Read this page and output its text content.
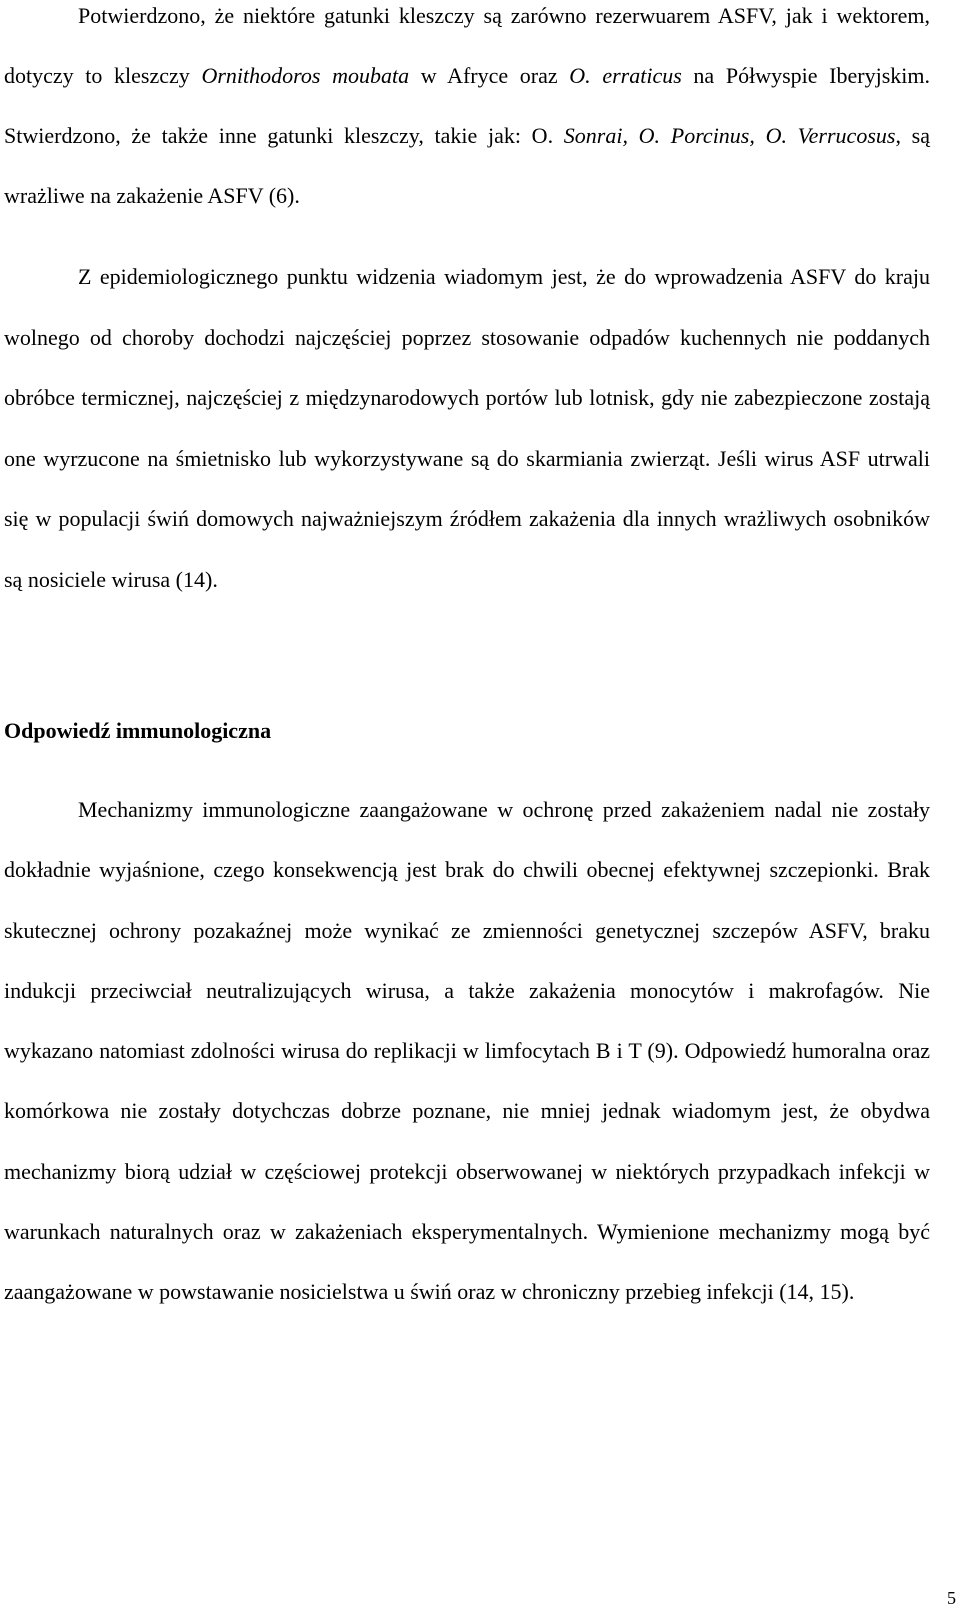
Potwierdzono, że niektóre gatunki kleszczy są zarówno rezerwuarem ASFV, jak i wektorem, dotyczy to kleszczy Ornithodoros moubata w Afryce oraz O. erraticus na Półwyspie Iberyjskim. Stwierdzono, że także inne gatunki kleszczy, takie jak: O. Sonrai, O. Porcinus, O. Verrucosus, są wrażliwe na zakażenie ASFV (6).

Z epidemiologicznego punktu widzenia wiadomym jest, że do wprowadzenia ASFV do kraju wolnego od choroby dochodzi najczęściej poprzez stosowanie odpadów kuchennych nie poddanych obróbce termicznej, najczęściej z międzynarodowych portów lub lotnisk, gdy nie zabezpieczone zostają one wyrzucone na śmietnisko lub wykorzystywane są do skarmiania zwierząt. Jeśli wirus ASF utrwali się w populacji świń domowych najważniejszym źródłem zakażenia dla innych wrażliwych osobników są nosiciele wirusa (14).

Odpowiedź immunologiczna

Mechanizmy immunologiczne zaangażowane w ochronę przed zakażeniem nadal nie zostały dokładnie wyjaśnione, czego konsekwencją jest brak do chwili obecnej efektywnej szczepionki. Brak skutecznej ochrony pozakaźnej może wynikać ze zmienności genetycznej szczepów ASFV, braku indukcji przeciwciał neutralizujących wirusa, a także zakażenia monocytów i makrofagów. Nie wykazano natomiast zdolności wirusa do replikacji w limfocytach B i T (9). Odpowiedź humoralna oraz komórkowa nie zostały dotychczas dobrze poznane, nie mniej jednak wiadomym jest, że obydwa mechanizmy biorą udział w częściowej protekcji obserwowanej w niektórych przypadkach infekcji w warunkach naturalnych oraz w zakażeniach eksperymentalnych. Wymienione mechanizmy mogą być zaangażowane w powstawanie nosicielstwa u świń oraz w chroniczny przebieg infekcji (14, 15).

5
